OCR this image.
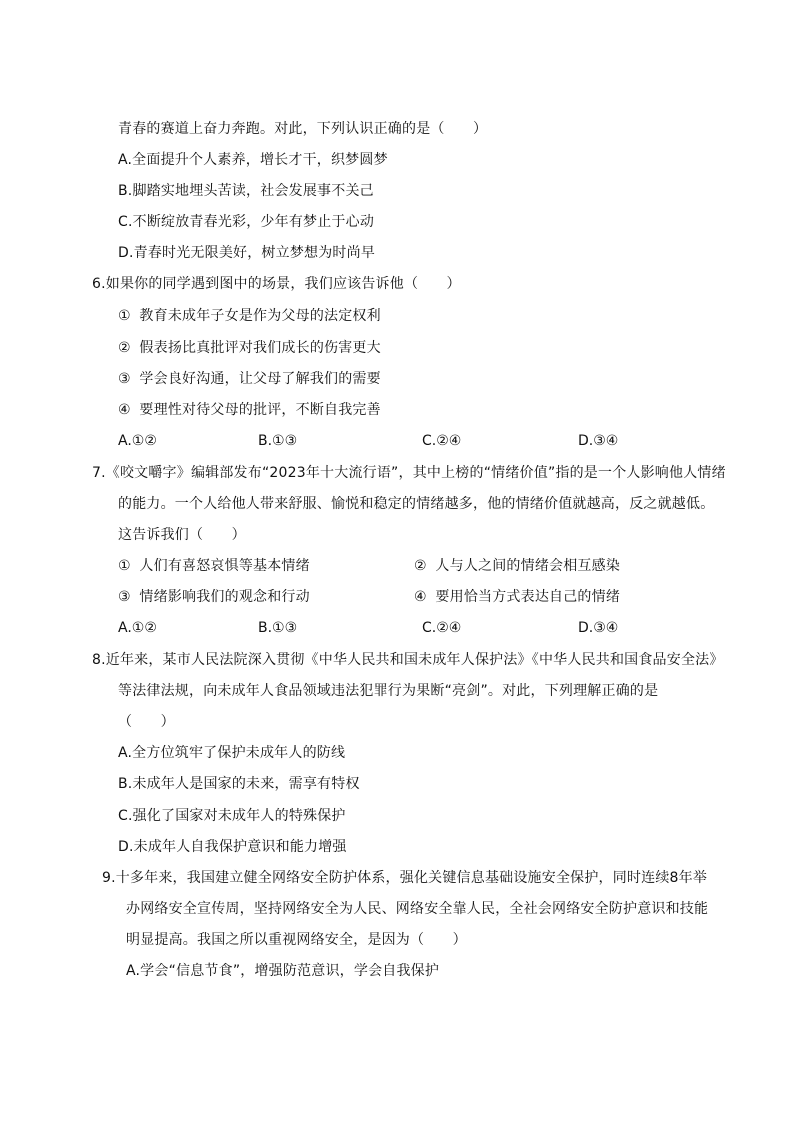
青春的赛道上奋力奔跑。对此，下列认识正确的是（　　）
A.全面提升个人素养，增长才干，织梦圆梦
B.脚踏实地埋头苦读，社会发展事不关己
C.不断绽放青春光彩，少年有梦止于心动
D.青春时光无限美好，树立梦想为时尚早
6.如果你的同学遇到图中的场景，我们应该告诉他（　　）
① 教育未成年子女是作为父母的法定权利
② 假表扬比真批评对我们成长的伤害更大
③ 学会良好沟通，让父母了解我们的需要
④ 要理性对待父母的批评，不断自我完善
A.①②	B.①③	C.②④	D.③④
7.《咬文嚼字》编辑部发布“2023年十大流行语”，其中上榜的“情绪价值”指的是一个人影响他人情绪
的能力。一个人给他人带来舒服、愉悦和稳定的情绪越多，他的情绪价值就越高，反之就越低。
这告诉我们（　　）
① 人们有喜怒哀惧等基本情绪	② 人与人之间的情绪会相互感染
③ 情绪影响我们的观念和行动	④ 要用恰当方式表达自己的情绪
A.①②	B.①③	C.②④	D.③④
8.近年来，某市人民法院深入贯彻《中华人民共和国未成年人保护法》《中华人民共和国食品安全法》
等法律法规，向未成年人食品领域违法犯罪行为果断“亮剑”。对此，下列理解正确的是
（　　）
A.全方位筑牢了保护未成年人的防线
B.未成年人是国家的未来，需享有特权
C.强化了国家对未成年人的特殊保护
D.未成年人自我保护意识和能力增强
9.十多年来，我国建立健全网络安全防护体系，强化关键信息基础设施安全保护，同时连续8年举
办网络安全宣传周，坚持网络安全为人民、网络安全靠人民，全社会网络安全防护意识和技能
明显提高。我国之所以重视网络安全，是因为（　　）
A.学会“信息节食”，增强防范意识，学会自我保护
